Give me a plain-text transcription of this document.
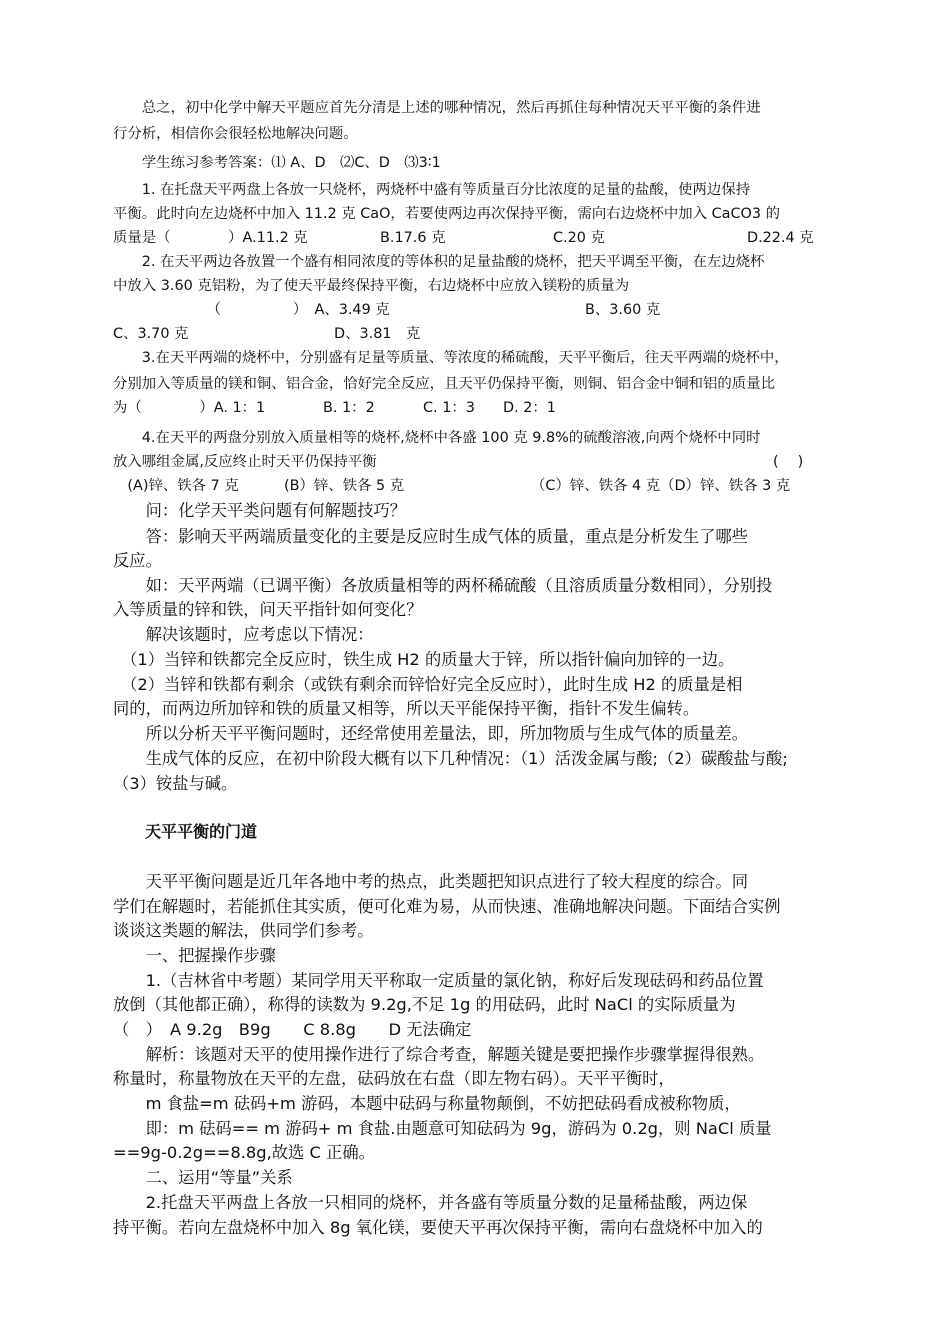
　　天平平衡的门道

　　总之，初中化学中解天平题应首先分清是上述的哪种情况，然后再抓住每种情况天平平衡的条件进

行分析，相信你会很轻松地解决问题。

　　学生练习参考答案：⑴ A、D　⑵C、D　⑶3∶1

　　1. 在托盘天平两盘上各放一只烧杯，两烧杯中盛有等质量百分比浓度的足量的盐酸，使两边保持

平衡。此时向左边烧杯中加入 11.2 克 CaO，若要使两边再次保持平衡，需向右边烧杯中加入 CaCO3 的

　　2. 在天平两边各放置一个盛有相同浓度的等体积的足量盐酸的烧杯，把天平调至平衡，在左边烧杯

中放入 3.60 克铝粉，为了使天平最终保持平衡，右边烧杯中应放入镁粉的质量为

　　3.在天平两端的烧杯中，分别盛有足量等质量、等浓度的稀硫酸，天平平衡后，往天平两端的烧杯中，

分别加入等质量的镁和铜、铝合金，恰好完全反应，且天平仍保持平衡，则铜、铝合金中铜和铝的质量比

　　4.在天平的两盘分别放入质量相等的烧杯,烧杯中各盛 100 克 9.8%的硫酸溶液,向两个烧杯中同时

　　问：化学天平类问题有何解题技巧？

　　答：影响天平两端质量变化的主要是反应时生成气体的质量，重点是分析发生了哪些

反应。

　　如：天平两端（已调平衡）各放质量相等的两杯稀硫酸（且溶质质量分数相同），分别投

入等质量的锌和铁，问天平指针如何变化？

　　解决该题时，应考虑以下情况：

　（1）当锌和铁都完全反应时，铁生成 H2 的质量大于锌，所以指针偏向加锌的一边。

　（2）当锌和铁都有剩余（或铁有剩余而锌恰好完全反应时），此时生成 H2 的质量是相

同的，而两边所加锌和铁的质量又相等，所以天平能保持平衡，指针不发生偏转。

　　所以分析天平平衡问题时，还经常使用差量法，即，所加物质与生成气体的质量差。

　　生成气体的反应，在初中阶段大概有以下几种情况：（1）活泼金属与酸;（2）碳酸盐与酸;

（3）铵盐与碱。

　　天平平衡问题是近几年各地中考的热点，此类题把知识点进行了较大程度的综合。同

学们在解题时，若能抓住其实质，便可化难为易，从而快速、准确地解决问题。下面结合实例

谈谈这类题的解法，供同学们参考。

　　一、把握操作步骤

　　1.（吉林省中考题）某同学用天平称取一定质量的氯化钠，称好后发现砝码和药品位置

放倒（其他都正确），称得的读数为 9.2g,不足 1g 的用砝码，此时 NaCl 的实际质量为

（　）　A 9.2g　B9g　　C 8.8g　　D 无法确定

　　解析：该题对天平的使用操作进行了综合考查，解题关键是要把操作步骤掌握得很熟。

称量时，称量物放在天平的左盘，砝码放在右盘（即左物右码）。天平平衡时，

　　m 食盐=m 砝码+m 游码，本题中砝码与称量物颠倒，不妨把砝码看成被称物质，

　　即：m 砝码== m 游码+ m 食盐.由题意可知砝码为 9g，游码为 0.2g，则 NaCl 质量

==9g-0.2g==8.8g,故选 C 正确。

　　二、运用“等量”关系

　　2.托盘天平两盘上各放一只相同的烧杯，并各盛有等质量分数的足量稀盐酸，两边保

持平衡。若向左盘烧杯中加入 8g 氧化镁，要使天平再次保持平衡，需向右盘烧杯中加入的

质量是（　　　　）A.11.2 克	B.17.6 克	C.20 克	D.22.4 克
　　　　　　　（　　　　　）　A、3.49 克	B、3.60 克
C、3.70 克	D、3.81　克
为（　　　　）A. 1：1	B. 1：2	C. 1：3	D. 2：1
放入哪组金属,反应终止时天平仍保持平衡	(　 )
　(A)锌、铁各 7 克	(B）锌、铁各 5 克	（C）锌、铁各 4 克（D）锌、铁各 3 克
